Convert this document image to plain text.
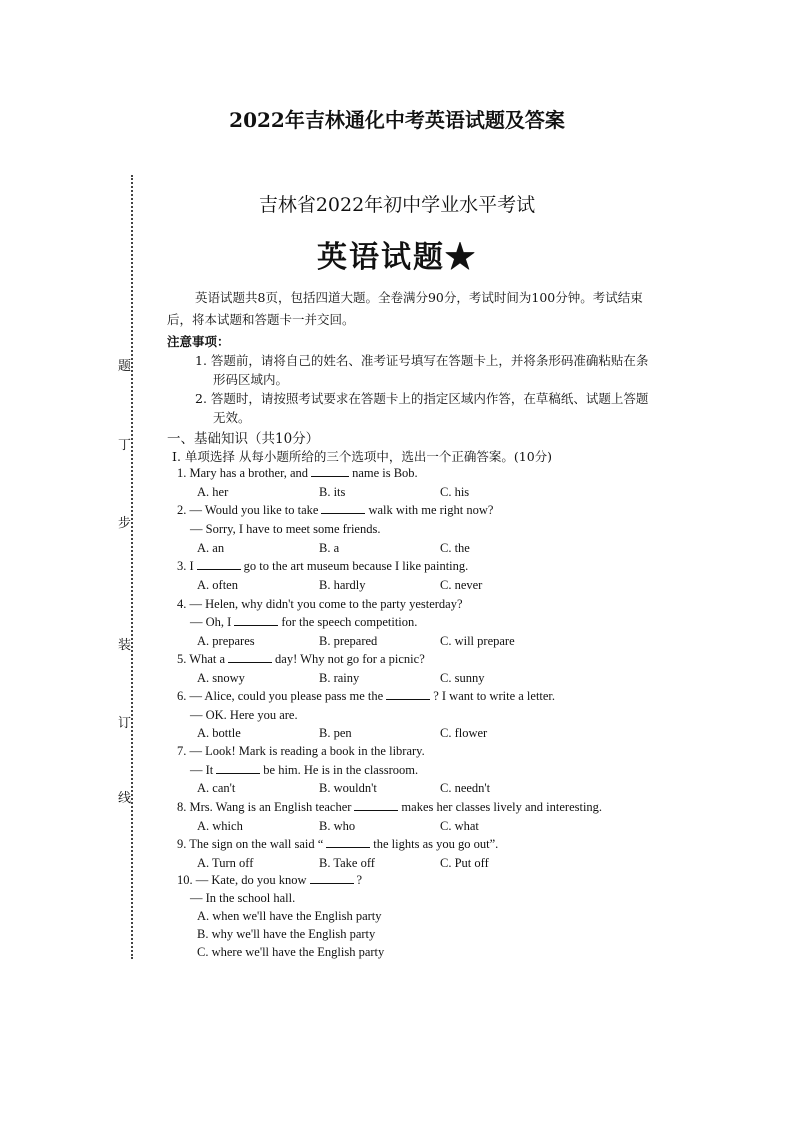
2022年吉林通化中考英语试题及答案
吉林省2022年初中学业水平考试
英语试题★
题
丁
步
装
订
线
英语试题共8页，包括四道大题。全卷满分90分，考试时间为100分钟。考试结束
后，将本试题和答题卡一并交回。
注意事项：
1. 答题前，请将自己的姓名、准考证号填写在答题卡上，并将条形码准确粘贴在条
形码区域内。
2. 答题时，请按照考试要求在答题卡上的指定区域内作答，在草稿纸、试题上答题
无效。
一、基础知识（共10分）
Ⅰ. 单项选择 从每小题所给的三个选项中，选出一个正确答案。(10分)
1. Mary has a brother, and	name is Bob.
A. her	B. its	C. his
2. — Would you like to take	walk with me right now?
— Sorry, I have to meet some friends.
A. an	B. a	C. the
3. I	go to the art museum because I like painting.
A. often	B. hardly	C. never
4. — Helen, why didn't you come to the party yesterday?
— Oh, I	for the speech competition.
A. prepares	B. prepared	C. will prepare
5. What a	day! Why not go for a picnic?
A. snowy	B. rainy	C. sunny
6. — Alice, could you please pass me the	? I want to write a letter.
— OK. Here you are.
A. bottle	B. pen	C. flower
7. — Look! Mark is reading a book in the library.
— It	be him. He is in the classroom.
A. can't	B. wouldn't	C. needn't
8. Mrs. Wang is an English teacher	makes her classes lively and interesting.
A. which	B. who	C. what
9. The sign on the wall said “	the lights as you go out”.
A. Turn off	B. Take off	C. Put off
10. — Kate, do you know	?
— In the school hall.
A. when we'll have the English party
B. why we'll have the English party
C. where we'll have the English party
